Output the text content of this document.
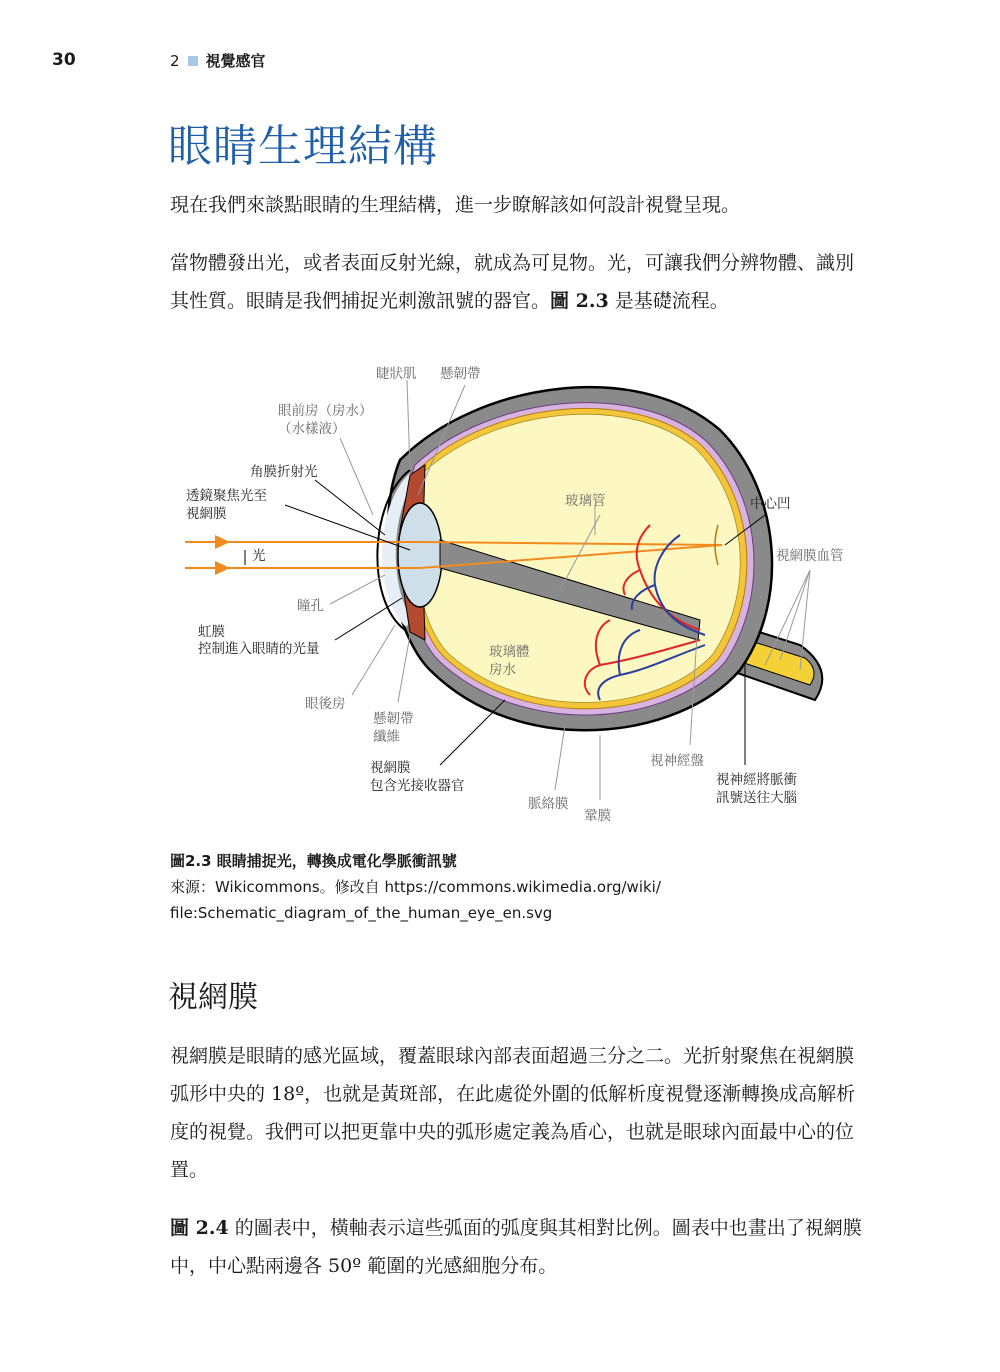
30	2 視覺感官
眼睛生理結構

現在我們來談點眼睛的生理結構，進一步瞭解該如何設計視覺呈現。

當物體發出光，或者表面反射光線，就成為可見物。光，可讓我們分辨物體、識別其性質。眼睛是我們捕捉光刺激訊號的器官。圖 2.3 是基礎流程。

睫狀肌 懸韌帶
眼前房（房水）
（水樣液）
角膜折射光
透鏡聚焦光至
視網膜
光
瞳孔
虹膜
控制進入眼睛的光量
眼後房
懸韌帶
纖維
視網膜
包含光接收器官
脈絡膜
鞏膜
視神經盤
視神經將脈衝
訊號送往大腦
視網膜血管
中心凹
玻璃管
玻璃體
房水
圖2.3 眼睛捕捉光，轉換成電化學脈衝訊號
來源：Wikicommons。修改自 https://commons.wikimedia.org/wiki/
file:Schematic_diagram_of_the_human_eye_en.svg
視網膜

視網膜是眼睛的感光區域，覆蓋眼球內部表面超過三分之二。光折射聚焦在視網膜弧形中央的 18º，也就是黃斑部，在此處從外圍的低解析度視覺逐漸轉換成高解析度的視覺。我們可以把更靠中央的弧形處定義為盾心，也就是眼球內面最中心的位置。

圖 2.4 的圖表中，橫軸表示這些弧面的弧度與其相對比例。圖表中也畫出了視網膜中，中心點兩邊各 50º 範圍的光感細胞分布。
